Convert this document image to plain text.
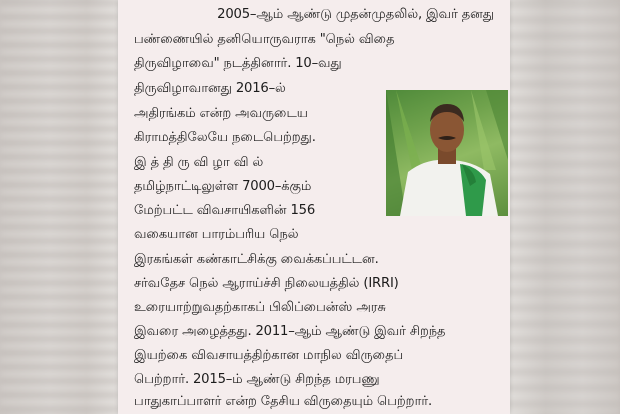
2005–ஆம் ஆண்டு முதன்முதலில், இவர் தனது
பண்ணையில் தனியொருவராக "நெல் விதை
திருவிழாவை" நடத்தினார். 10–வது
திருவிழாவானது 2016–ல்
அதிரங்கம் என்ற அவருடைய
கிராமத்திலேயே நடைபெற்றது.
இ த் தி ரு வி ழா வி ல்
தமிழ்நாட்டிலுள்ள 7000–க்கும்
மேற்பட்ட விவசாயிகளின் 156
வகையான பாரம்பரிய நெல்
இரகங்கள் கண்காட்சிக்கு வைக்கப்பட்டன.
சர்வதேச நெல் ஆராய்ச்சி நிலையத்தில் (IRRI)
உரையாற்றுவதற்காகப் பிலிப்பைன்ஸ் அரசு
இவரை அழைத்தது. 2011–ஆம் ஆண்டு இவர் சிறந்த
இயற்கை விவசாயத்திற்கான மாநில விருதைப்
பெற்றார். 2015–ம் ஆண்டு சிறந்த மரபணு
பாதுகாப்பாளர் என்ற தேசிய விருதையும் பெற்றார்.
